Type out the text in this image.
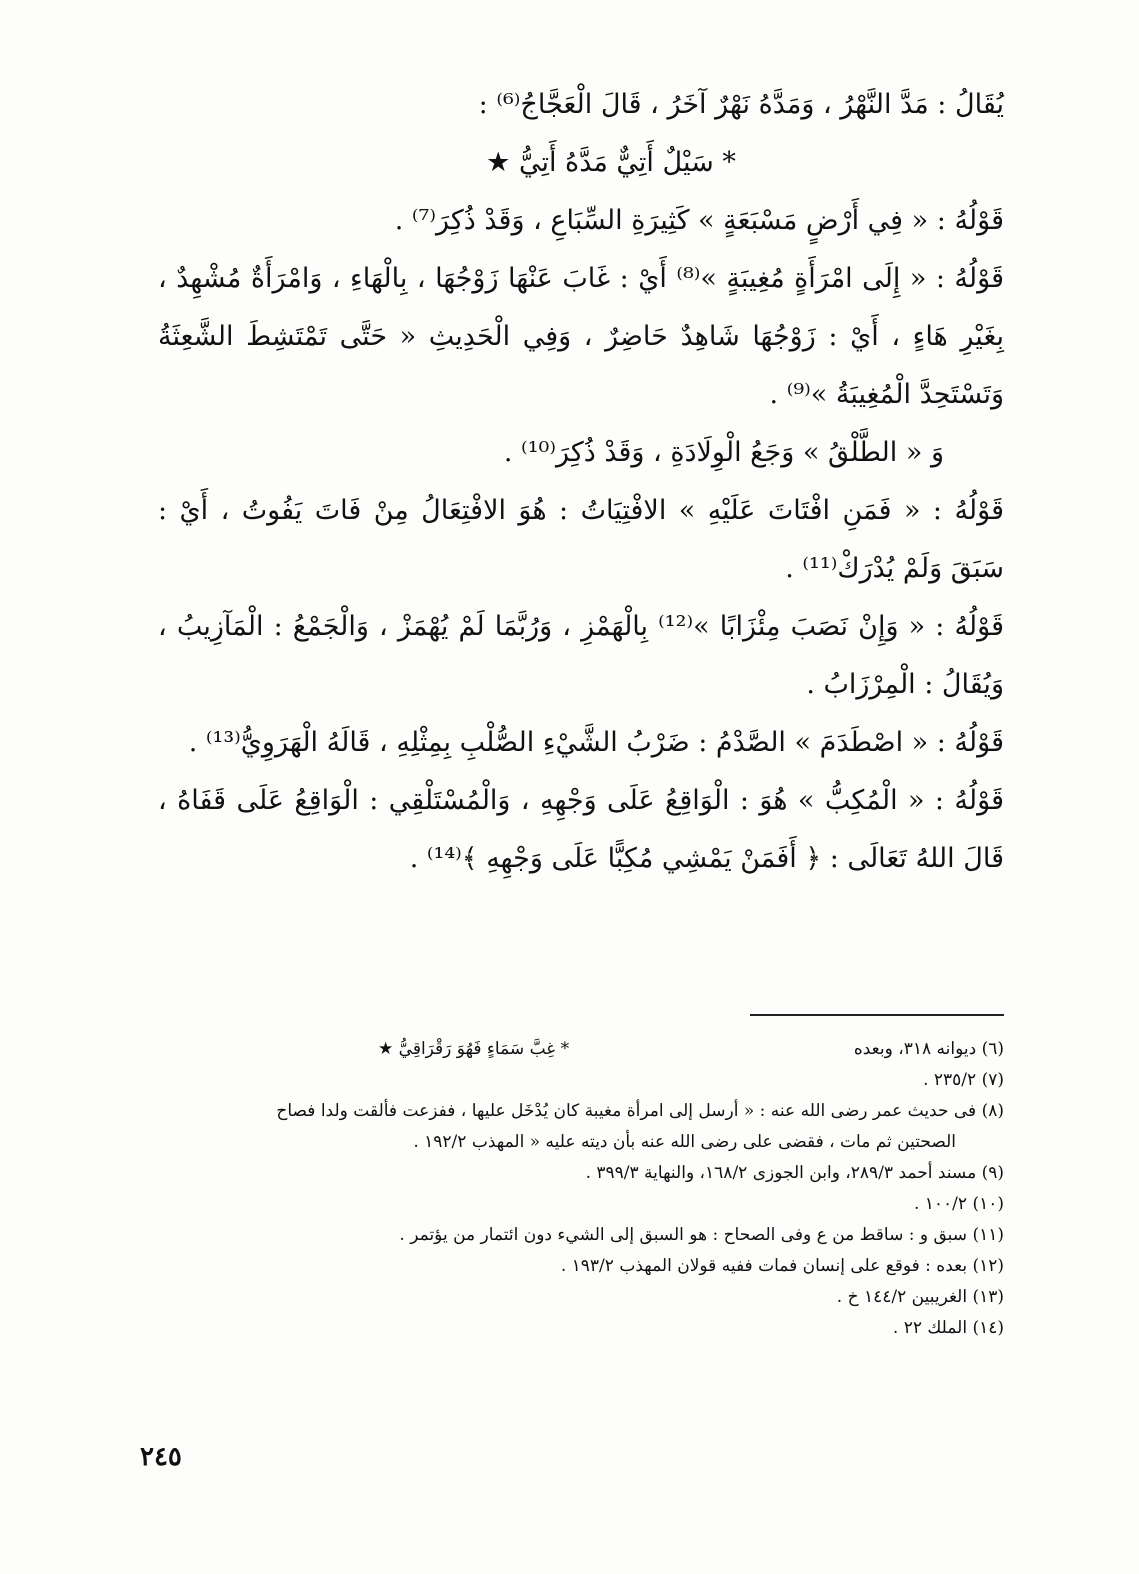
يُقَالُ : مَدَّ النَّهْرُ ، وَمَدَّهُ نَهْرٌ آخَرُ ، قَالَ الْعَجَّاجُ⁽⁶⁾ :

* سَيْلٌ أَتِيٌّ مَدَّهُ أَتِيُّ ★

قَوْلُهُ : « فِي أَرْضٍ مَسْبَعَةٍ » كَثِيرَةِ السِّبَاعِ ، وَقَدْ ذُكِرَ⁽⁷⁾ .

قَوْلُهُ : « إِلَى امْرَأَةٍ مُغِيبَةٍ »⁽⁸⁾ أَيْ : غَابَ عَنْهَا زَوْجُهَا ، بِالْهَاءِ ، وَامْرَأَةٌ مُشْهِدٌ ، بِغَيْرِ هَاءٍ ، أَيْ : زَوْجُهَا شَاهِدٌ حَاضِرٌ ، وَفِي الْحَدِيثِ « حَتَّى تَمْتَشِطَ الشَّعِثَةُ وَتَسْتَحِدَّ الْمُغِيبَةُ »⁽⁹⁾ .

وَ « الطَّلْقُ » وَجَعُ الْوِلَادَةِ ، وَقَدْ ذُكِرَ⁽¹⁰⁾ .

قَوْلُهُ : « فَمَنِ افْتَاتَ عَلَيْهِ » الافْتِيَاتُ : هُوَ الافْتِعَالُ مِنْ فَاتَ يَفُوتُ ، أَيْ : سَبَقَ وَلَمْ يُدْرَكْ⁽¹¹⁾ .

قَوْلُهُ : « وَإِنْ نَصَبَ مِئْزَابًا »⁽¹²⁾ بِالْهَمْزِ ، وَرُبَّمَا لَمْ يُهْمَزْ ، وَالْجَمْعُ : الْمَآزِيبُ ، وَيُقَالُ : الْمِرْزَابُ .

قَوْلُهُ : « اصْطَدَمَ » الصَّدْمُ : ضَرْبُ الشَّيْءِ الصُّلْبِ بِمِثْلِهِ ، قَالَهُ الْهَرَوِيُّ⁽¹³⁾ .

قَوْلُهُ : « الْمُكِبُّ » هُوَ : الْوَاقِعُ عَلَى وَجْهِهِ ، وَالْمُسْتَلْقِي : الْوَاقِعُ عَلَى قَفَاهُ ، قَالَ اللهُ تَعَالَى : ﴿ أَفَمَنْ يَمْشِي مُكِبًّا عَلَى وَجْهِهِ ﴾⁽¹⁴⁾ .

(٦) ديوانه ٣١٨، وبعده
* غِبَّ سَمَاءٍ فَهُوَ رَقْرَاقِيُّ ★

(٧) ٢٣٥/٢ .

(٨) فى حديث عمر رضى الله عنه : « أرسل إلى امرأة مغيبة كان يُدْخَل عليها ، ففزعت فألقت ولدا فصاح

الصحتين ثم مات ، فقضى على رضى الله عنه بأن ديته عليه « المهذب ١٩٢/٢ .

(٩) مسند أحمد ٢٨٩/٣، وابن الجوزى ١٦٨/٢، والنهاية ٣٩٩/٣ .

(١٠) ١٠٠/٢ .

(١١) سبق و : ساقط من ع وفى الصحاح : هو السبق إلى الشيء دون ائتمار من يؤتمر .

(١٢) بعده : فوقع على إنسان فمات ففيه قولان المهذب ١٩٣/٢ .

(١٣) الغريبين ١٤٤/٢ خ .

(١٤) الملك ٢٢ .

٢٤٥
